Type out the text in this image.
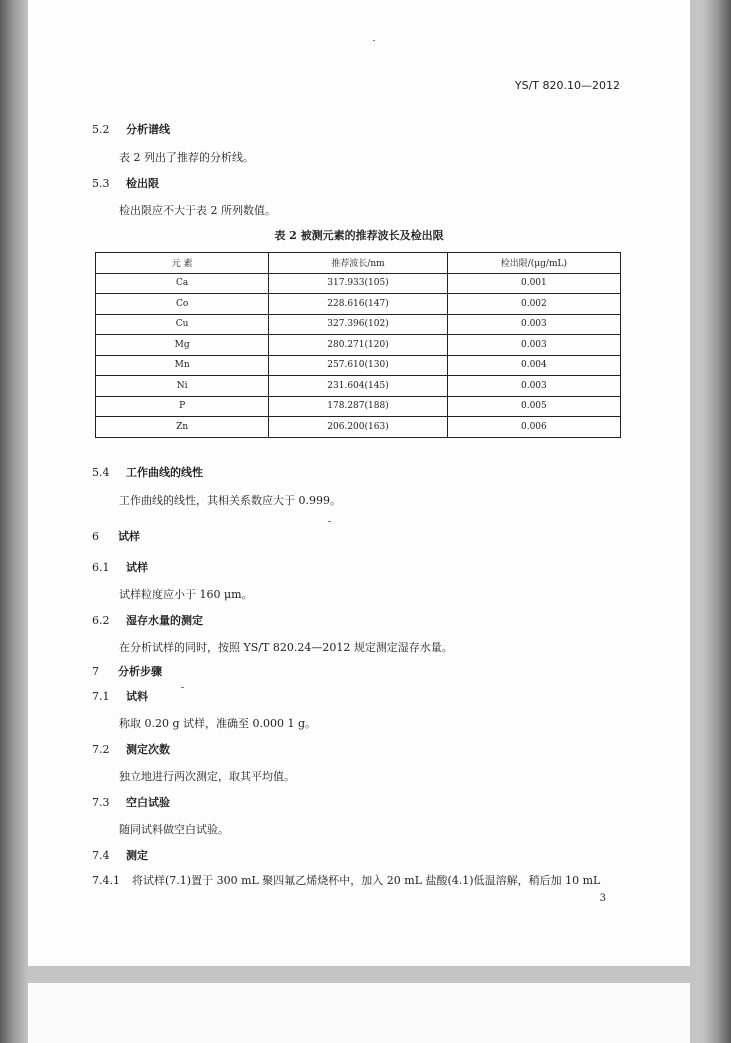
YS/T 820.10—2012
5.2 分析谱线
表 2 列出了推荐的分析线。
5.3 检出限
检出限应不大于表 2 所列数值。
表 2 被测元素的推荐波长及检出限
元 素	推荐波长/nm	检出限/(μg/mL)
Ca	317.933(105)	0.001
Co	228.616(147)	0.002
Cu	327.396(102)	0.003
Mg	280.271(120)	0.003
Mn	257.610(130)	0.004
Ni	231.604(145)	0.003
P	178.287(188)	0.005
Zn	206.200(163)	0.006
5.4 工作曲线的线性
工作曲线的线性，其相关系数应大于 0.999。
6 试样
6.1 试样
试样粒度应小于 160 μm。
6.2 湿存水量的测定
在分析试样的同时，按照 YS/T 820.24—2012 规定测定湿存水量。
7 分析步骤
7.1 试料
称取 0.20 g 试样，准确至 0.000 1 g。
7.2 测定次数
独立地进行两次测定，取其平均值。
7.3 空白试验
随同试料做空白试验。
7.4 测定
7.4.1 将试样(7.1)置于 300 mL 聚四氟乙烯烧杯中，加入 20 mL 盐酸(4.1)低温溶解，稍后加 10 mL
3
